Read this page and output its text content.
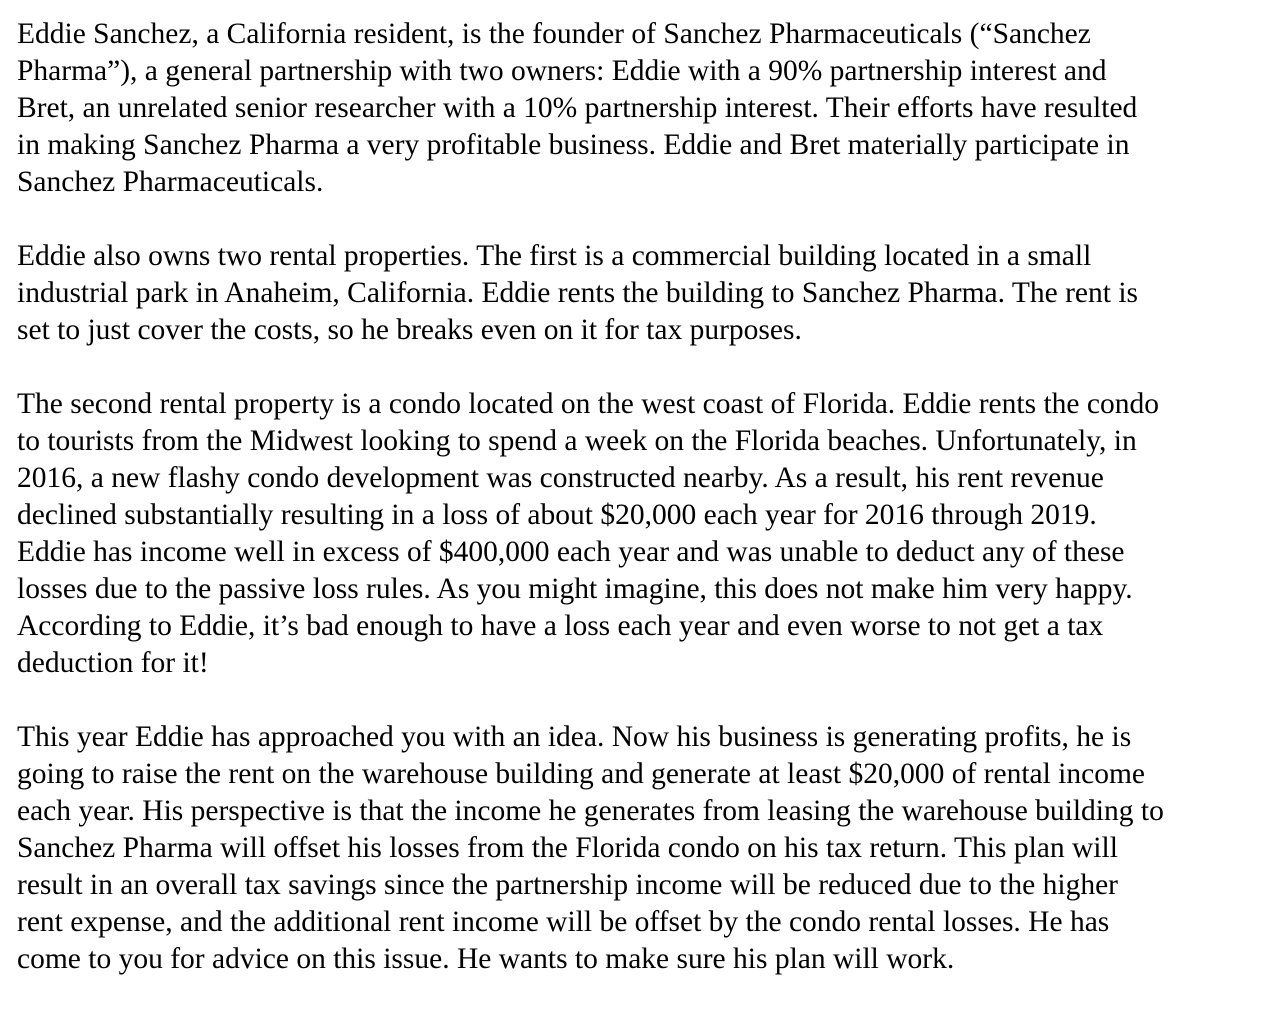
Eddie Sanchez, a California resident, is the founder of Sanchez Pharmaceuticals (“Sanchez
Pharma”), a general partnership with two owners: Eddie with a 90% partnership interest and
Bret, an unrelated senior researcher with a 10% partnership interest. Their efforts have resulted
in making Sanchez Pharma a very profitable business. Eddie and Bret materially participate in
Sanchez Pharmaceuticals.

Eddie also owns two rental properties. The first is a commercial building located in a small
industrial park in Anaheim, California. Eddie rents the building to Sanchez Pharma. The rent is
set to just cover the costs, so he breaks even on it for tax purposes.

The second rental property is a condo located on the west coast of Florida. Eddie rents the condo
to tourists from the Midwest looking to spend a week on the Florida beaches. Unfortunately, in
2016, a new flashy condo development was constructed nearby. As a result, his rent revenue
declined substantially resulting in a loss of about $20,000 each year for 2016 through 2019.
Eddie has income well in excess of $400,000 each year and was unable to deduct any of these
losses due to the passive loss rules. As you might imagine, this does not make him very happy.
According to Eddie, it’s bad enough to have a loss each year and even worse to not get a tax
deduction for it!

This year Eddie has approached you with an idea. Now his business is generating profits, he is
going to raise the rent on the warehouse building and generate at least $20,000 of rental income
each year. His perspective is that the income he generates from leasing the warehouse building to
Sanchez Pharma will offset his losses from the Florida condo on his tax return. This plan will
result in an overall tax savings since the partnership income will be reduced due to the higher
rent expense, and the additional rent income will be offset by the condo rental losses. He has
come to you for advice on this issue. He wants to make sure his plan will work.
